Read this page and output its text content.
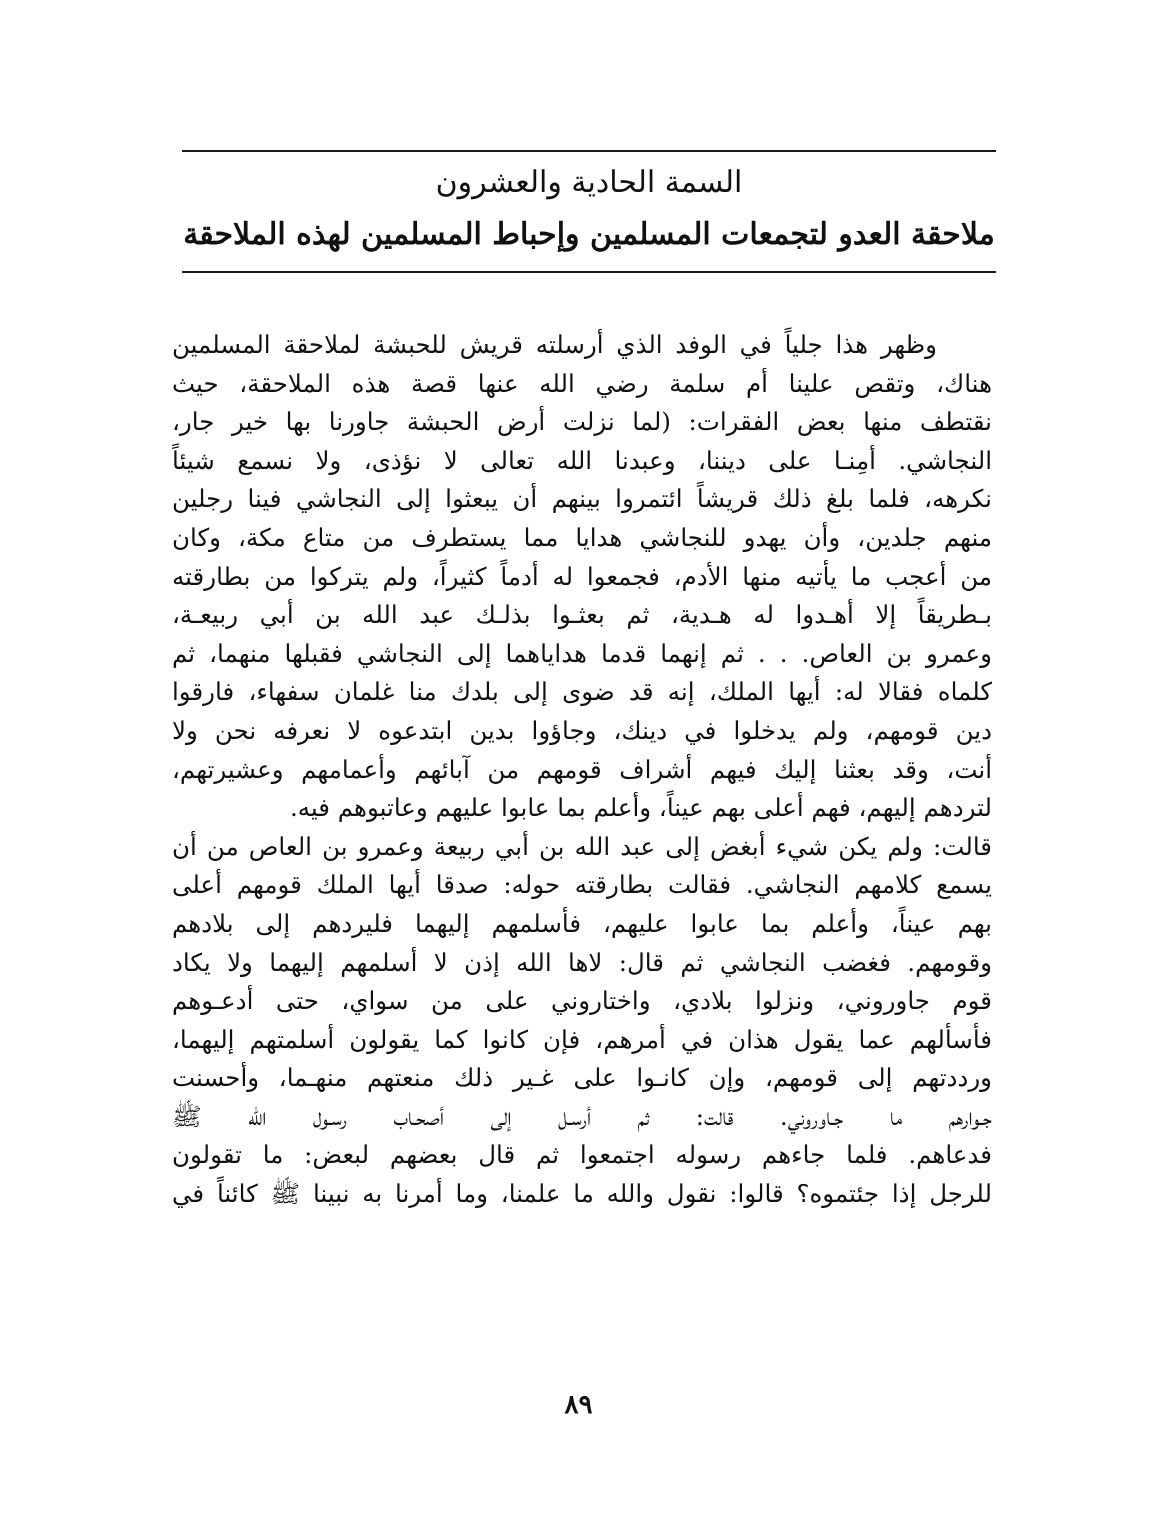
السمة الحادية والعشرون
ملاحقة العدو لتجمعات المسلمين وإحباط المسلمين لهذه الملاحقة
وظهر هذا جلياً في الوفد الذي أرسلته قريش للحبشة لملاحقة المسلمين
هناك، وتقص علينا أم سلمة رضي الله عنها قصة هذه الملاحقة، حيث
نقتطف منها بعض الفقرات: (لما نزلت أرض الحبشة جاورنا بها خير جار،
النجاشي. أمِنـا على ديننا، وعبدنا الله تعالى لا نؤذى، ولا نسمع شيئاً
نكرهه، فلما بلغ ذلك قريشاً ائتمروا بينهم أن يبعثوا إلى النجاشي فينا رجلين
منهم جلدين، وأن يهدو للنجاشي هدايا مما يستطرف من متاع مكة، وكان
من أعجب ما يأتيه منها الأدم، فجمعوا له أدماً كثيراً، ولم يتركوا من بطارقته
بـطريقاً إلا أهـدوا له هـدية، ثم بعثـوا بذلـك عبد الله بن أبي ربيعـة،
وعمرو بن العاص. . . ثم إنهما قدما هداياهما إلى النجاشي فقبلها منهما، ثم
كلماه فقالا له: أيها الملك، إنه قد ضوى إلى بلدك منا غلمان سفهاء، فارقوا
دين قومهم، ولم يدخلوا في دينك، وجاؤوا بدين ابتدعوه لا نعرفه نحن ولا
أنت، وقد بعثنا إليك فيهم أشراف قومهم من آبائهم وأعمامهم وعشيرتهم،
لتردهم إليهم، فهم أعلى بهم عيناً، وأعلم بما عابوا عليهم وعاتبوهم فيه.
قالت: ولم يكن شيء أبغض إلى عبد الله بن أبي ربيعة وعمرو بن العاص من أن
يسمع كلامهم النجاشي. فقالت بطارقته حوله: صدقا أيها الملك قومهم أعلى
بهم عيناً، وأعلم بما عابوا عليهم، فأسلمهم إليهما فليردهم إلى بلادهم
وقومهم. فغضب النجاشي ثم قال: لاها الله إذن لا أسلمهم إليهما ولا يكاد
قوم جاوروني، ونزلوا بلادي، واختاروني على من سواي، حتى أدعـوهم
فأسألهم عما يقول هذان في أمرهم، فإن كانوا كما يقولون أسلمتهم إليهما،
ورددتهم إلى قومهم، وإن كانـوا على غـير ذلك منعتهم منهـما، وأحسنت
جـوارهم ما جـاوروني. قالت: ثم أرسـل إلى أصحـاب رسـول الله ﷺ
فدعاهم. فلما جاءهم رسوله اجتمعوا ثم قال بعضهم لبعض: ما تقولون
للرجل إذا جئتموه؟ قالوا: نقول والله ما علمنا، وما أمرنا به نبينا ﷺ كائناً في
٨٩
